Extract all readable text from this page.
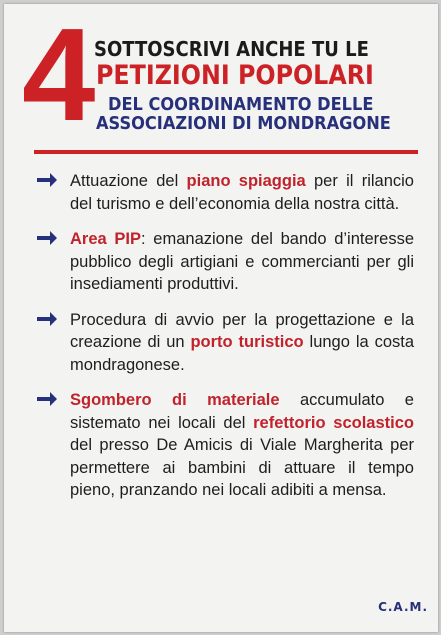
4 SOTTOSCRIVI ANCHE TU LE
PETIZIONI POPOLARI
DEL COORDINAMENTO DELLE
ASSOCIAZIONI DI MONDRAGONE
Attuazione del piano spiaggia per il rilancio del turismo e dell’economia della nostra città.
Area PIP: emanazione del bando d’interesse pubblico degli artigiani e commercianti per gli insediamenti produttivi.
Procedura di avvio per la progettazione e la creazione di un porto turistico lungo la costa mondragonese.
Sgombero di materiale accumulato e sistemato nei locali del refettorio scolastico del presso De Amicis di Viale Margherita per permettere ai bambini di attuare il tempo pieno, pranzando nei locali adibiti a mensa.
C.A.M.
